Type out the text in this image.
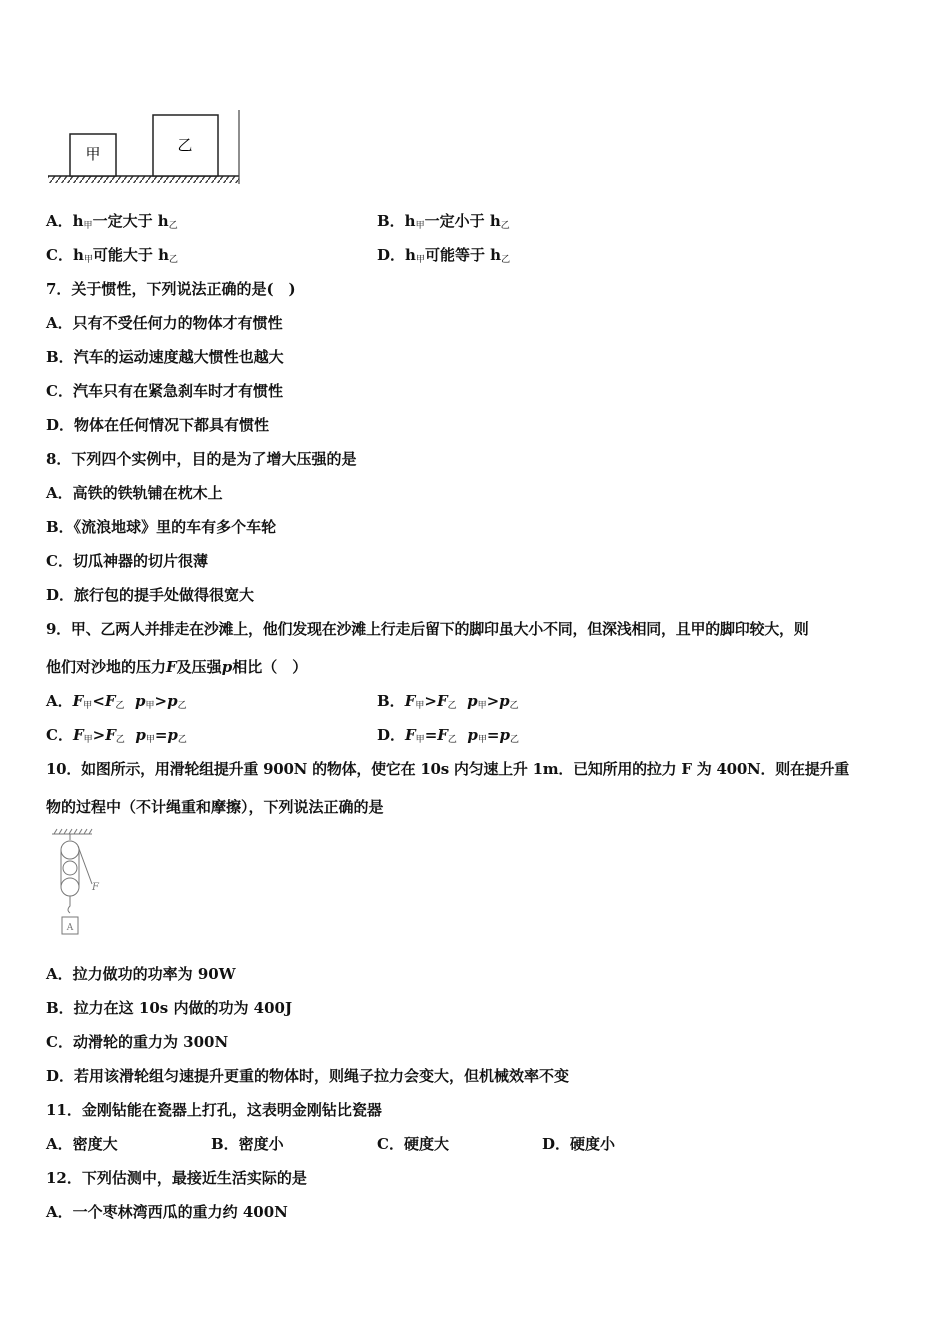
甲	乙
A．$h_甲$一定大于 $h_乙$	B．$h_甲$一定小于 $h_乙$
C．$h_甲$可能大于 $h_乙$	D．$h_甲$可能等于 $h_乙$
7．关于惯性，下列说法正确的是(　)
A．只有不受任何力的物体才有惯性
B．汽车的运动速度越大惯性也越大
C．汽车只有在紧急刹车时才有惯性
D．物体在任何情况下都具有惯性
8．下列四个实例中，目的是为了增大压强的是
A．高铁的铁轨铺在枕木上
B．《流浪地球》里的车有多个车轮
C．切瓜神器的切片很薄
D．旅行包的提手处做得很宽大
9．甲、乙两人并排走在沙滩上，他们发现在沙滩上行走后留下的脚印虽大小不同，但深浅相同，且甲的脚印较大，则
他们对沙地的压力F及压强p相比（　）
A．$F_甲<F_乙$ $p_甲>p_乙$	B．$F_甲>F_乙$ $p_甲>p_乙$
C．$F_甲>F_乙$ $p_甲=p_乙$	D．$F_甲=F_乙$ $p_甲=p_乙$
10．如图所示，用滑轮组提升重 900N 的物体，使它在 10s 内匀速上升 1m．已知所用的拉力 F 为 400N．则在提升重
物的过程中（不计绳重和摩擦），下列说法正确的是
F
A
A．拉力做功的功率为 90W
B．拉力在这 10s 内做的功为 400J
C．动滑轮的重力为 300N
D．若用该滑轮组匀速提升更重的物体时，则绳子拉力会变大，但机械效率不变
11．金刚钻能在瓷器上打孔，这表明金刚钻比瓷器
A．密度大	B．密度小	C．硬度大	D．硬度小
12．下列估测中，最接近生活实际的是
A．一个枣林湾西瓜的重力约 400N
